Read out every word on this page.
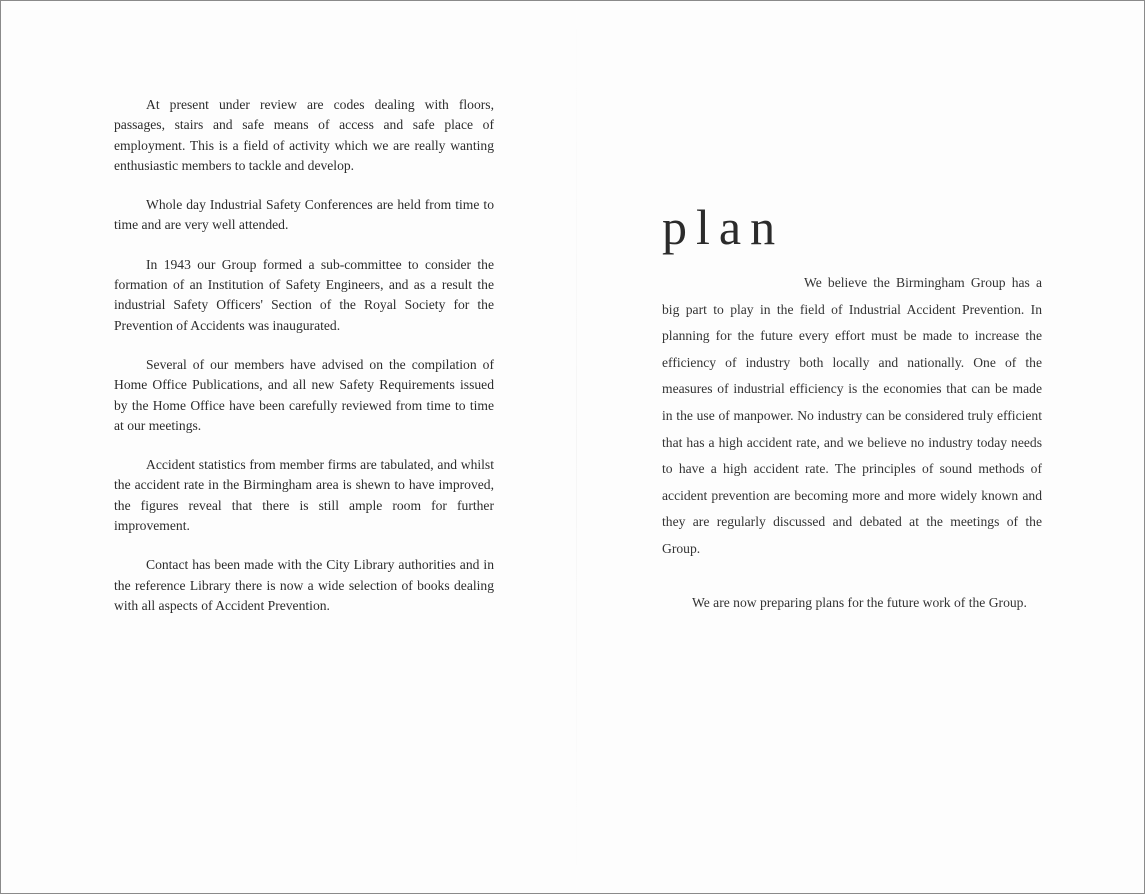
At present under review are codes dealing with floors, passages, stairs and safe means of access and safe place of employment. This is a field of activity which we are really wanting enthusiastic members to tackle and develop.

Whole day Industrial Safety Conferences are held from time to time and are very well attended.

In 1943 our Group formed a sub-committee to consider the formation of an Institution of Safety Engineers, and as a result the industrial Safety Officers' Section of the Royal Society for the Prevention of Accidents was inaugurated.

Several of our members have advised on the compilation of Home Office Publications, and all new Safety Requirements issued by the Home Office have been carefully reviewed from time to time at our meetings.

Accident statistics from member firms are tabulated, and whilst the accident rate in the Birmingham area is shewn to have improved, the figures reveal that there is still ample room for further improvement.

Contact has been made with the City Library authorities and in the reference Library there is now a wide selection of books dealing with all aspects of Accident Prevention.

plan

We believe the Birmingham Group has a big part to play in the field of Industrial Accident Prevention. In planning for the future every effort must be made to increase the efficiency of industry both locally and nationally. One of the measures of industrial efficiency is the economies that can be made in the use of manpower. No industry can be considered truly efficient that has a high accident rate, and we believe no industry today needs to have a high accident rate. The principles of sound methods of accident prevention are becoming more and more widely known and they are regularly discussed and debated at the meetings of the Group.

We are now preparing plans for the future work of the Group.
